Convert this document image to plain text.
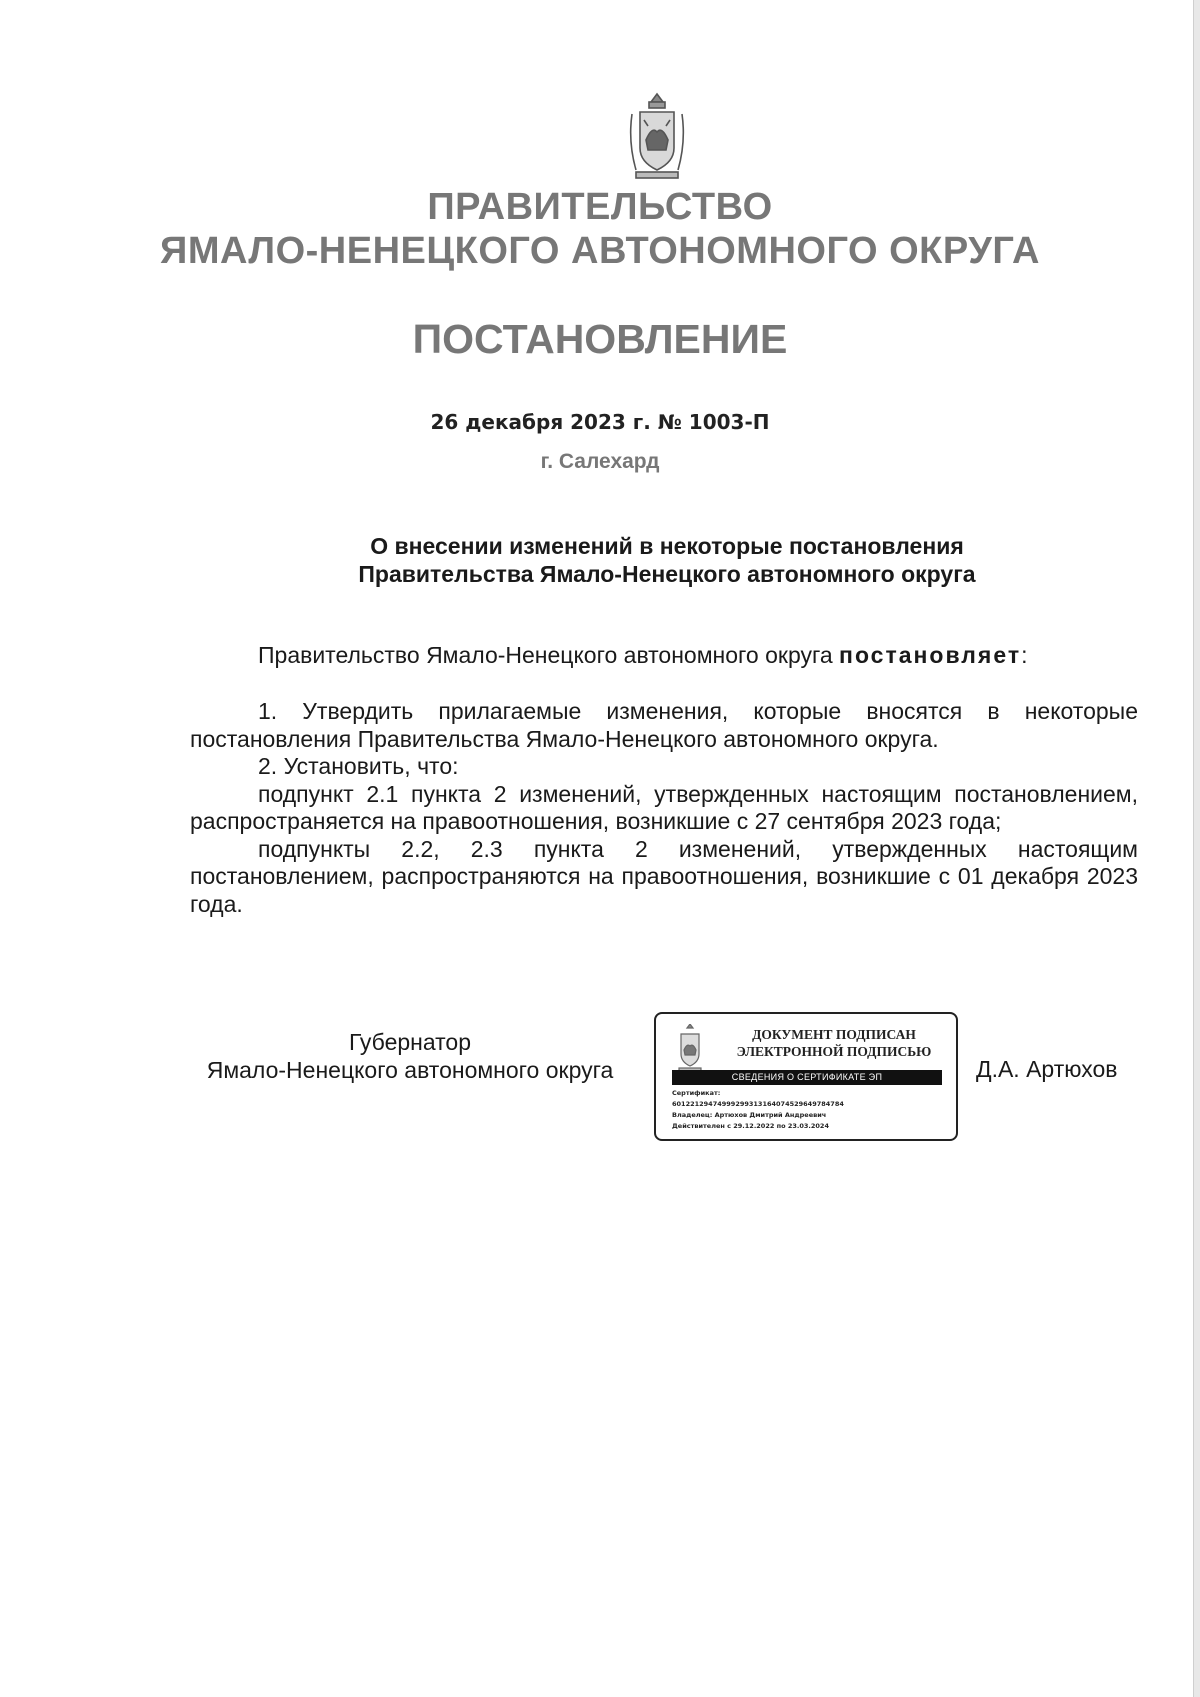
ПРАВИТЕЛЬСТВО
ЯМАЛО-НЕНЕЦКОГО АВТОНОМНОГО ОКРУГА
ПОСТАНОВЛЕНИЕ
26 декабря 2023 г. № 1003-П
г. Салехард
О внесении изменений в некоторые постановления
Правительства Ямало-Ненецкого автономного округа

Правительство Ямало-Ненецкого автономного округа постановляет:

1. Утвердить прилагаемые изменения, которые вносятся в некоторые постановления Правительства Ямало-Ненецкого автономного округа.

2. Установить, что:

подпункт 2.1 пункта 2 изменений, утвержденных настоящим постановлением, распространяется на правоотношения, возникшие с 27 сентября 2023 года;

подпункты 2.2, 2.3 пункта 2 изменений, утвержденных настоящим постановлением, распространяются на правоотношения, возникшие с 01 декабря 2023 года.

Губернатор
Ямало-Ненецкого автономного округа
ДОКУМЕНТ ПОДПИСАН
ЭЛЕКТРОННОЙ ПОДПИСЬЮ
СВЕДЕНИЯ О СЕРТИФИКАТЕ ЭП
Сертификат:
60122129474999299313164074529649784784
Владелец: Артюхов Дмитрий Андреевич
Действителен с 29.12.2022 по 23.03.2024
Д.А. Артюхов
